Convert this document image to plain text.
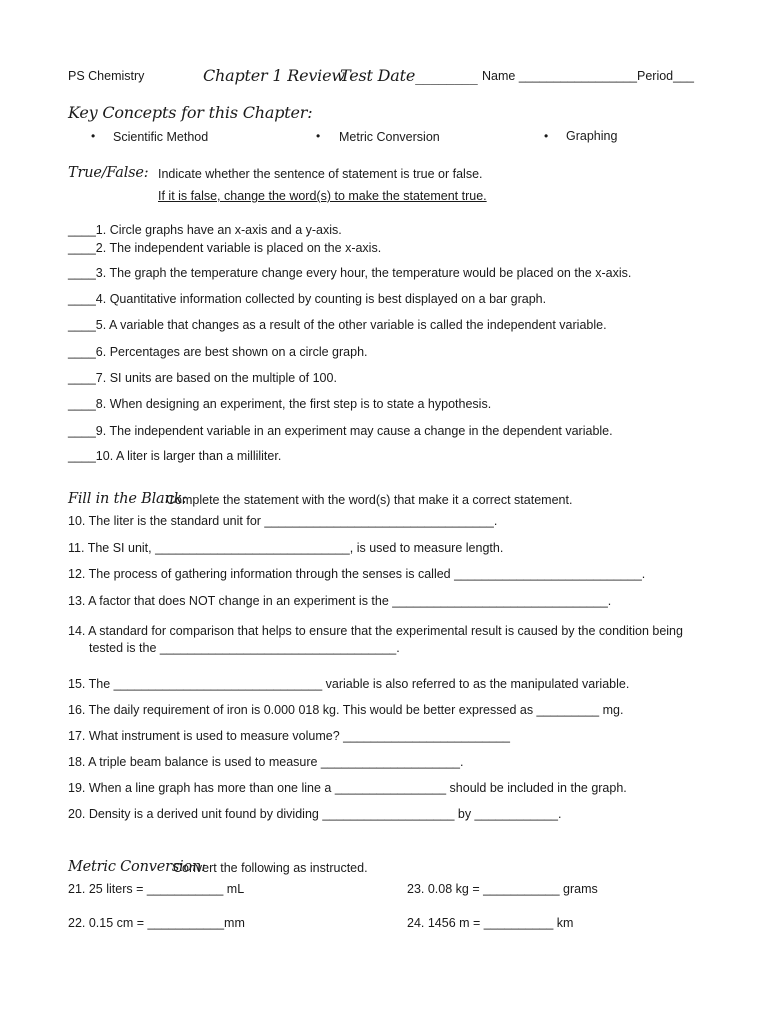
PS Chemistry	Chapter 1 Review
Test Date________ Name _________________Period___
Key Concepts for this Chapter:
• Scientific Method	• Metric Conversion	• Graphing
True/False: Indicate whether the sentence of statement is true or false.
If it is false, change the word(s) to make the statement true.
____1. Circle graphs have an x-axis and a y-axis.
____2. The independent variable is placed on the x-axis.
____3. The graph the temperature change every hour, the temperature would be placed on the x-axis.
____4. Quantitative information collected by counting is best displayed on a bar graph.
____5. A variable that changes as a result of the other variable is called the independent variable.
____6. Percentages are best shown on a circle graph.
____7. SI units are based on the multiple of 100.
____8. When designing an experiment, the first step is to state a hypothesis.
____9. The independent variable in an experiment may cause a change in the dependent variable.
____10. A liter is larger than a milliliter.
Fill in the Blank:
Complete the statement with the word(s) that make it a correct statement.
10. The liter is the standard unit for _________________________________.
11. The SI unit, ____________________________, is used to measure length.
12. The process of gathering information through the senses is called ___________________________.
13. A factor that does NOT change in an experiment is the _______________________________.
14. A standard for comparison that helps to ensure that the experimental result is caused by the condition being
tested is the __________________________________.
15. The ______________________________ variable is also referred to as the manipulated variable.
16. The daily requirement of iron is 0.000 018 kg. This would be better expressed as _________ mg.
17. What instrument is used to measure volume? ________________________
18. A triple beam balance is used to measure ____________________.
19. When a line graph has more than one line a ________________ should be included in the graph.
20. Density is a derived unit found by dividing ___________________ by ____________.
Metric Conversion:
Convert the following as instructed.
21. 25 liters = ___________ mL	23. 0.08 kg = ___________ grams
22. 0.15 cm = ___________mm	24. 1456 m = __________ km
